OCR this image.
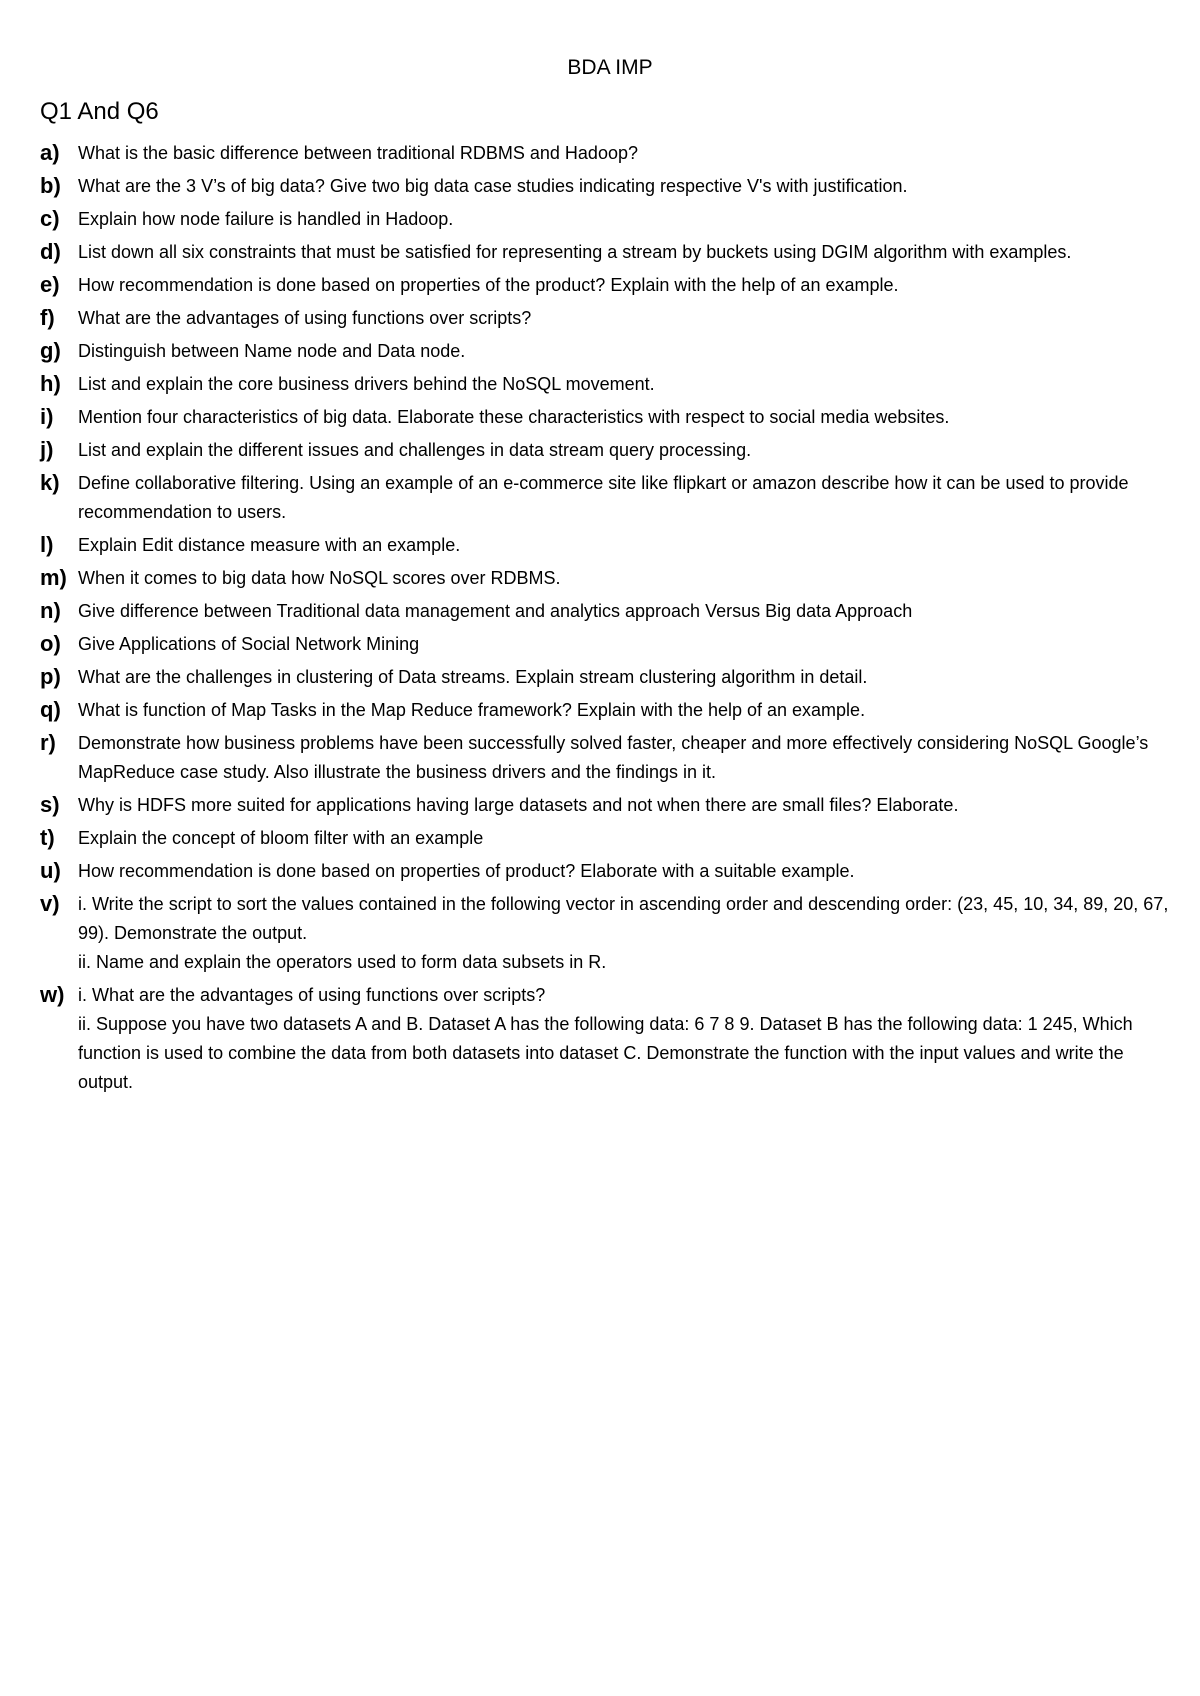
BDA IMP
Q1 And Q6
a)	What is the basic difference between traditional RDBMS and Hadoop?
b) What are the 3 V’s of big data? Give two big data case studies indicating respective V's with justification.
c)	Explain how node failure is handled in Hadoop.
d) List down all six constraints that must be satisfied for representing a stream by buckets using DGIM algorithm with examples.
e)	How recommendation is done based on properties of the product? Explain with the help of an example.
f)	What are the advantages of using functions over scripts?
g) Distinguish between Name node and Data node.
h) List and explain the core business drivers behind the NoSQL movement.
i)	Mention four characteristics of big data. Elaborate these characteristics with respect to social media websites.
j)	List and explain the different issues and challenges in data stream query processing.
k)	Define collaborative filtering. Using an example of an e-commerce site like flipkart or amazon describe how it can be used to provide recommendation to users.
l)	Explain Edit distance measure with an example.
m) When it comes to big data how NoSQL scores over RDBMS.
n) Give difference between Traditional data management and analytics approach Versus Big data Approach
o) Give Applications of Social Network Mining
p) What are the challenges in clustering of Data streams. Explain stream clustering algorithm in detail.
q) What is function of Map Tasks in the Map Reduce framework? Explain with the help of an example.
r)	Demonstrate how business problems have been successfully solved faster, cheaper and more effectively considering NoSQL Google’s MapReduce case study. Also illustrate the business drivers and the findings in it.
s)	Why is HDFS more suited for applications having large datasets and not when there are small files? Elaborate.
t)	Explain the concept of bloom filter with an example
u) How recommendation is done based on properties of product? Elaborate with a suitable example.
v)	i. Write the script to sort the values contained in the following vector in ascending order and descending order: (23, 45, 10, 34, 89, 20, 67, 99). Demonstrate the output.
ii. Name and explain the operators used to form data subsets in R.
w) i. What are the advantages of using functions over scripts?
ii. Suppose you have two datasets A and B. Dataset A has the following data: 6 7 8 9. Dataset B has the following data: 1 245, Which function is used to combine the data from both datasets into dataset C. Demonstrate the function with the input values and write the output.
